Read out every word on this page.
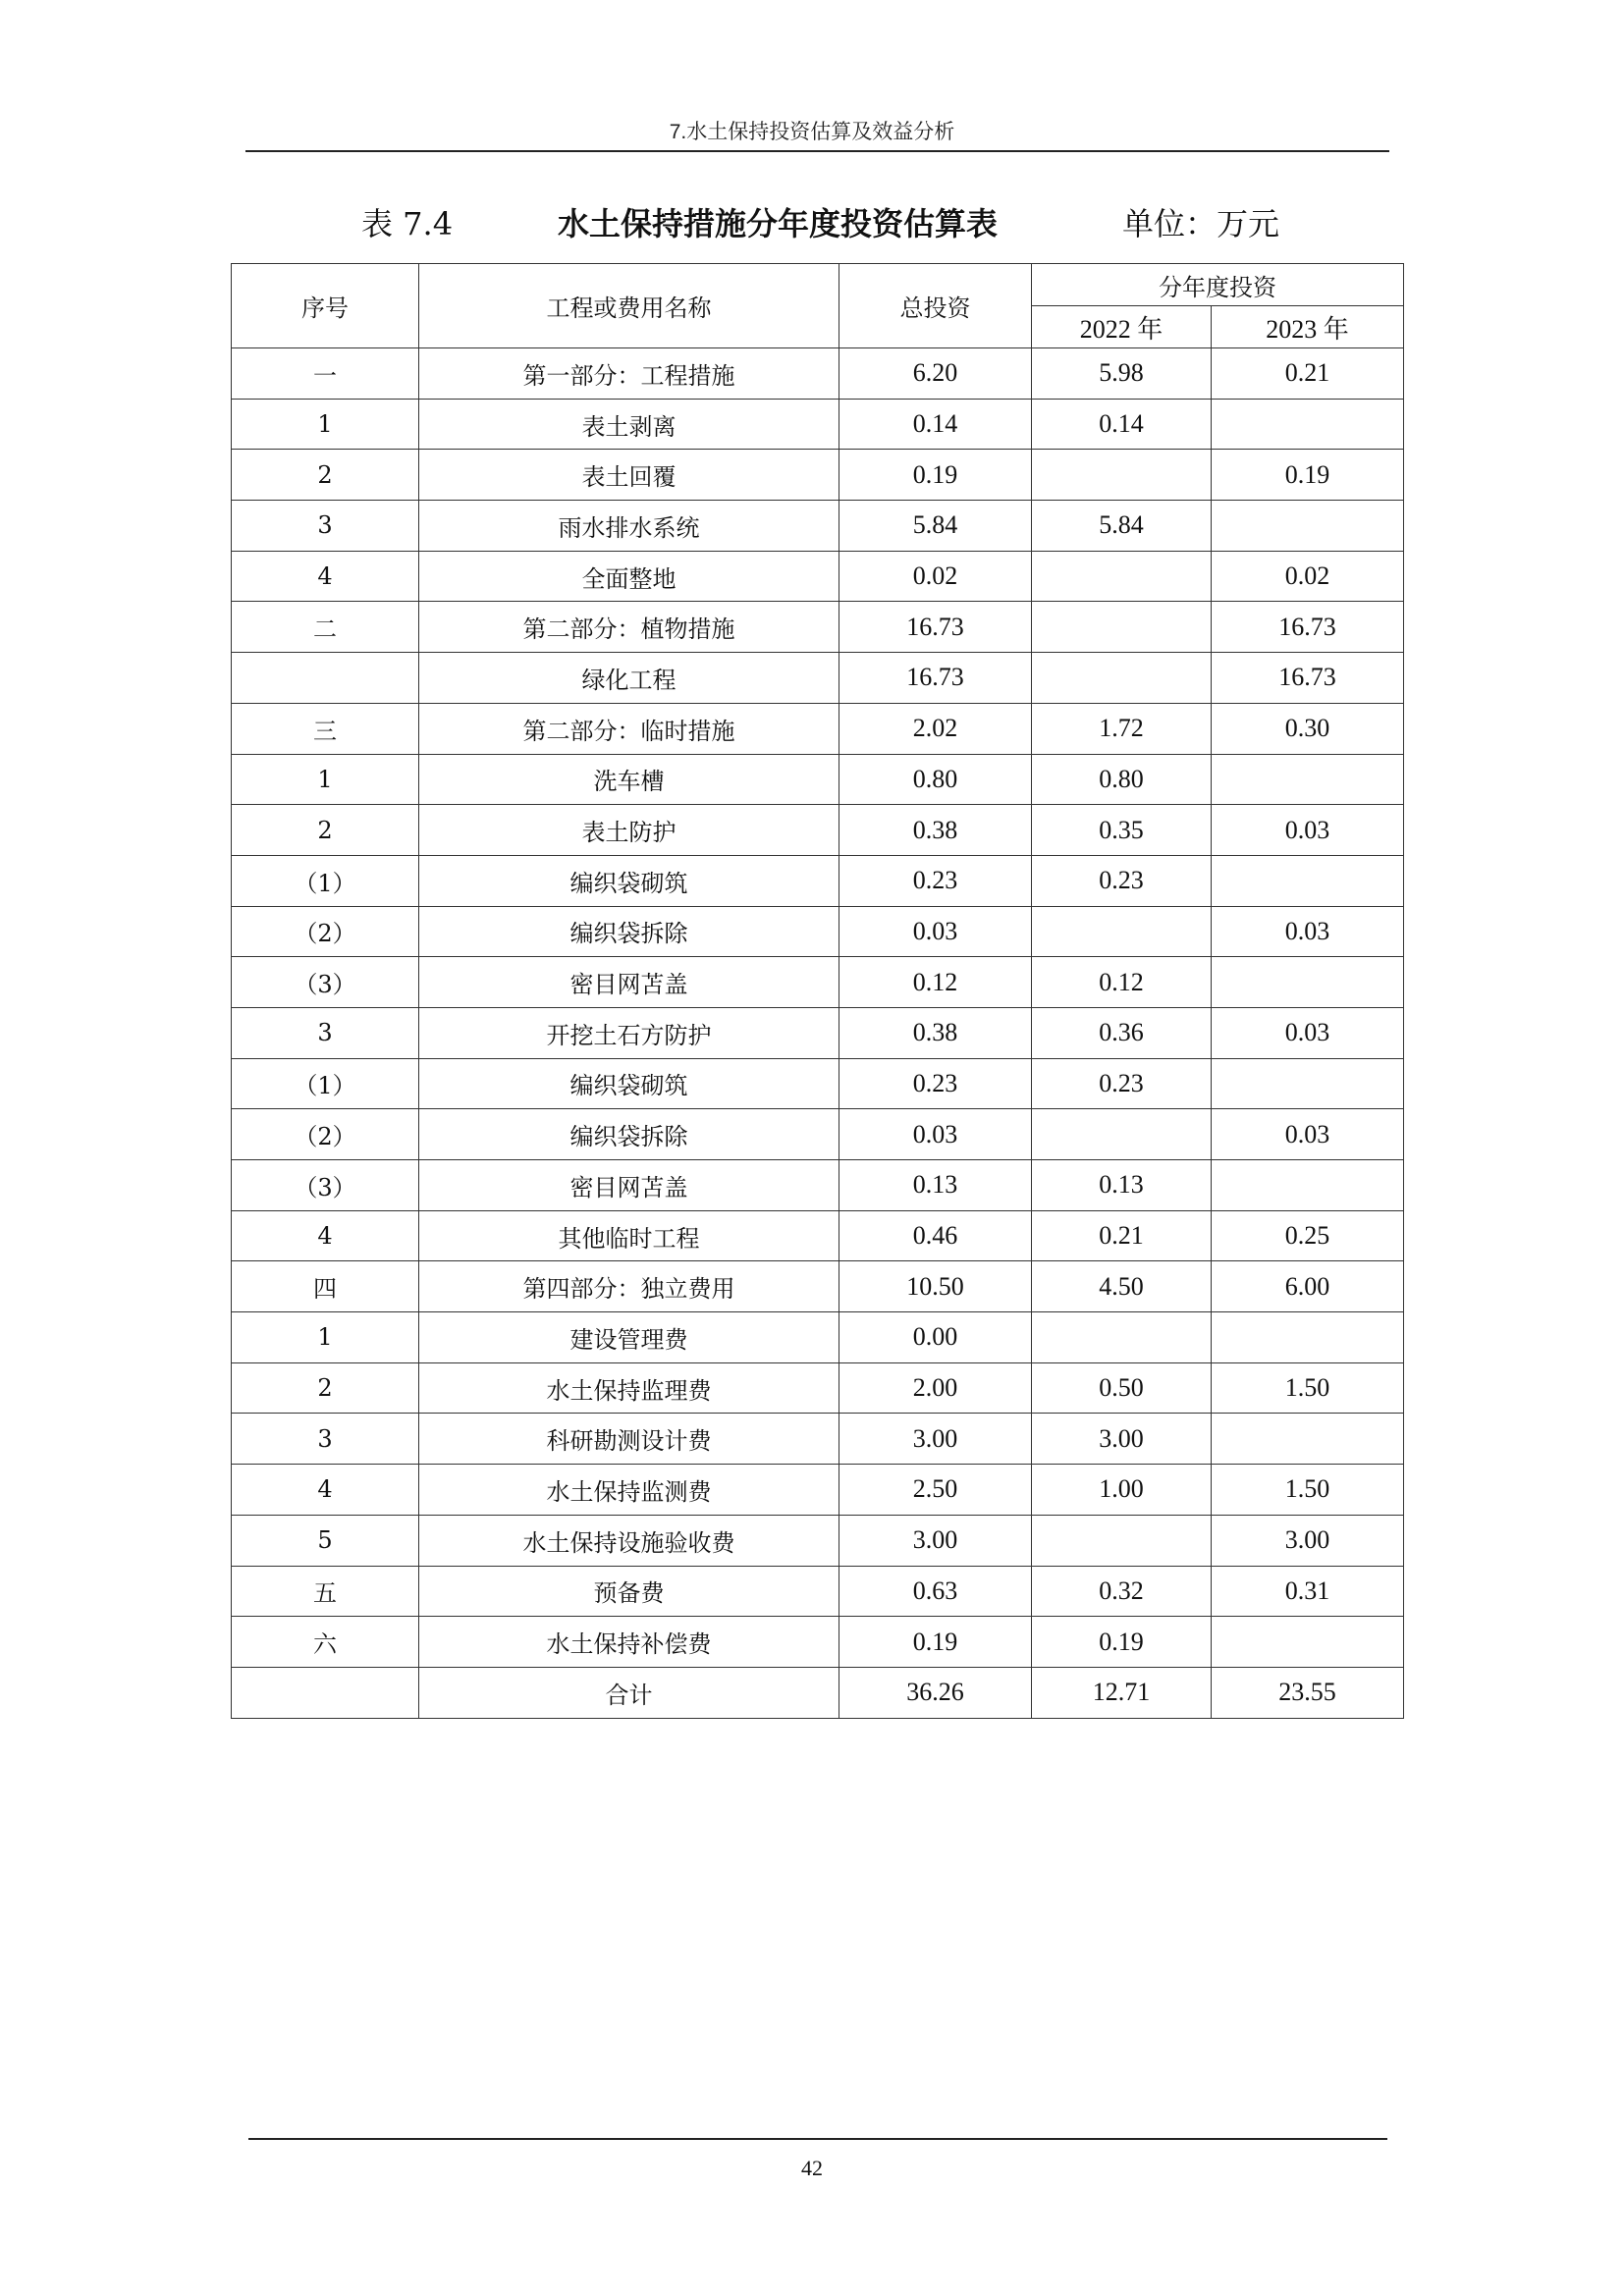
7.水土保持投资估算及效益分析
表 7.4	水土保持措施分年度投资估算表	单位：万元
序号	工程或费用名称	总投资	分年度投资	
			2022 年	2023 年
一	第一部分：工程措施	6.20	5.98	0.21
1	表土剥离	0.14	0.14	
2	表土回覆	0.19		0.19
3	雨水排水系统	5.84	5.84	
4	全面整地	0.02		0.02
二	第二部分：植物措施	16.73		16.73
	绿化工程	16.73		16.73
三	第二部分：临时措施	2.02	1.72	0.30
1	洗车槽	0.80	0.80	
2	表土防护	0.38	0.35	0.03
（1）	编织袋砌筑	0.23	0.23	
（2）	编织袋拆除	0.03		0.03
（3）	密目网苫盖	0.12	0.12	
3	开挖土石方防护	0.38	0.36	0.03
（1）	编织袋砌筑	0.23	0.23	
（2）	编织袋拆除	0.03		0.03
（3）	密目网苫盖	0.13	0.13	
4	其他临时工程	0.46	0.21	0.25
四	第四部分：独立费用	10.50	4.50	6.00
1	建设管理费	0.00		
2	水土保持监理费	2.00	0.50	1.50
3	科研勘测设计费	3.00	3.00	
4	水土保持监测费	2.50	1.00	1.50
5	水土保持设施验收费	3.00		3.00
五	预备费	0.63	0.32	0.31
六	水土保持补偿费	0.19	0.19	
	合计	36.26	12.71	23.55
42
